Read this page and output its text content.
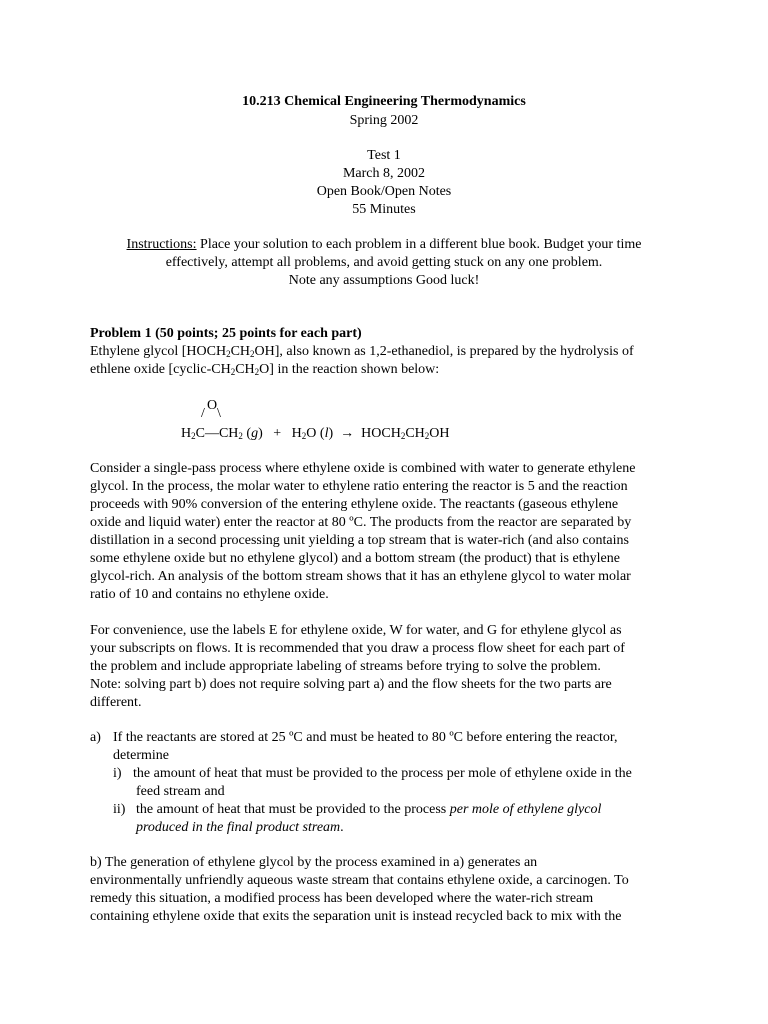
10.213 Chemical Engineering Thermodynamics
Spring 2002
Test 1
March 8, 2002
Open Book/Open Notes
55 Minutes
Instructions: Place your solution to each problem in a different blue book. Budget your time
effectively, attempt all problems, and avoid getting stuck on any one problem.
Note any assumptions Good luck!
Problem 1 (50 points; 25 points for each part)
Ethylene glycol $[HOCH_2CH_2OH]$, also known as 1,2-ethanediol, is prepared by the hydrolysis of
ethlene oxide $[cyclic-CH_2CH_2O]$ in the reaction shown below:
O
/ \
$H_2C—CH_2$ $(g) + H_2O$ $(l) \to HOCH_2CH_2OH$
Consider a single-pass process where ethylene oxide is combined with water to generate ethylene
glycol. In the process, the molar water to ethylene ratio entering the reactor is 5 and the reaction
proceeds with 90% conversion of the entering ethylene oxide. The reactants (gaseous ethylene
oxide and liquid water) enter the reactor at 80 ºC. The products from the reactor are separated by
distillation in a second processing unit yielding a top stream that is water-rich (and also contains
some ethylene oxide but no ethylene glycol) and a bottom stream (the product) that is ethylene
glycol-rich. An analysis of the bottom stream shows that it has an ethylene glycol to water molar
ratio of 10 and contains no ethylene oxide.
For convenience, use the labels E for ethylene oxide, W for water, and G for ethylene glycol as
your subscripts on flows. It is recommended that you draw a process flow sheet for each part of
the problem and include appropriate labeling of streams before trying to solve the problem.
Note: solving part b) does not require solving part a) and the flow sheets for the two parts are
different.
a) If the reactants are stored at 25 ºC and must be heated to 80 ºC before entering the reactor,
determine
i) the amount of heat that must be provided to the process per mole of ethylene oxide in the
feed stream and
ii) the amount of heat that must be provided to the process per mole of ethylene glycol
produced in the final product stream.
b) The generation of ethylene glycol by the process examined in a) generates an
environmentally unfriendly aqueous waste stream that contains ethylene oxide, a carcinogen. To
remedy this situation, a modified process has been developed where the water-rich stream
containing ethylene oxide that exits the separation unit is instead recycled back to mix with the
